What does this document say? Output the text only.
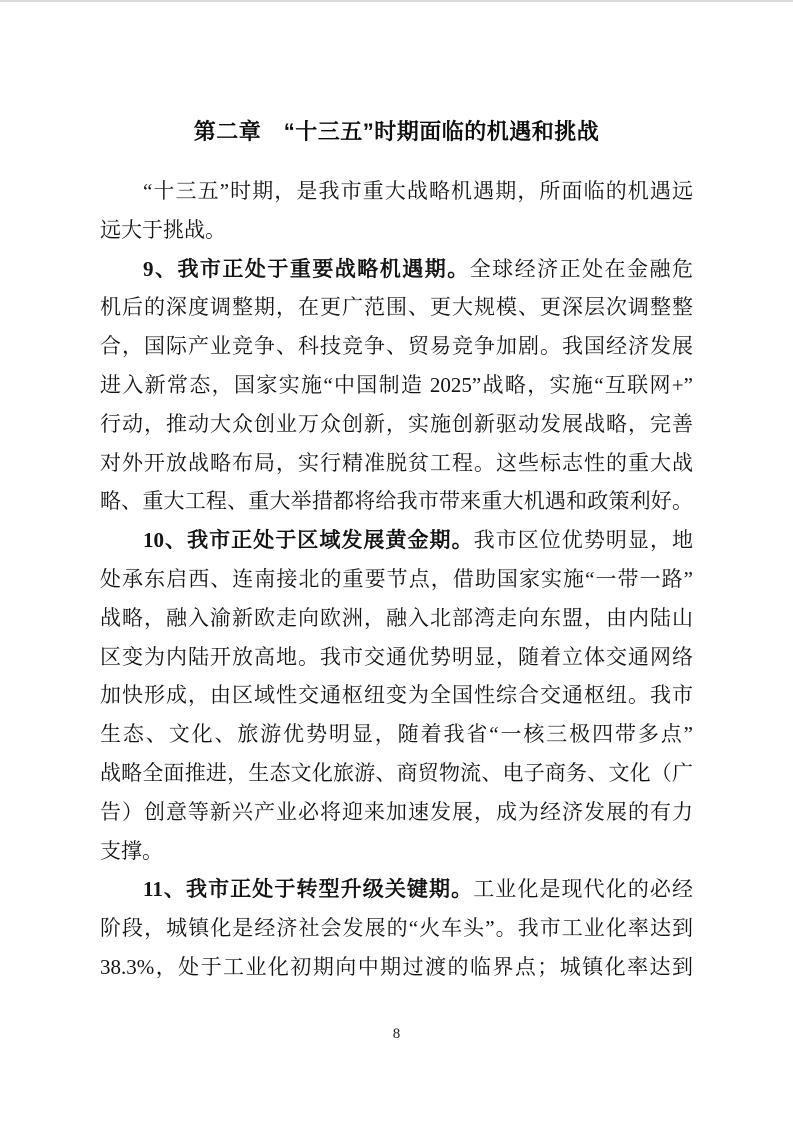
第二章　“十三五”时期面临的机遇和挑战
“十三五”时期，是我市重大战略机遇期，所面临的机遇远
远大于挑战。
9、我市正处于重要战略机遇期。全球经济正处在金融危
机后的深度调整期，在更广范围、更大规模、更深层次调整整
合，国际产业竞争、科技竞争、贸易竞争加剧。我国经济发展
进入新常态，国家实施“中国制造 2025”战略，实施“互联网+”
行动，推动大众创业万众创新，实施创新驱动发展战略，完善
对外开放战略布局，实行精准脱贫工程。这些标志性的重大战
略、重大工程、重大举措都将给我市带来重大机遇和政策利好。
10、我市正处于区域发展黄金期。我市区位优势明显，地
处承东启西、连南接北的重要节点，借助国家实施“一带一路”
战略，融入渝新欧走向欧洲，融入北部湾走向东盟，由内陆山
区变为内陆开放高地。我市交通优势明显，随着立体交通网络
加快形成，由区域性交通枢纽变为全国性综合交通枢纽。我市
生态、文化、旅游优势明显，随着我省“一核三极四带多点”
战略全面推进，生态文化旅游、商贸物流、电子商务、文化（广
告）创意等新兴产业必将迎来加速发展，成为经济发展的有力
支撑。
11、我市正处于转型升级关键期。工业化是现代化的必经
阶段，城镇化是经济社会发展的“火车头”。我市工业化率达到
38.3%，处于工业化初期向中期过渡的临界点；城镇化率达到
8
